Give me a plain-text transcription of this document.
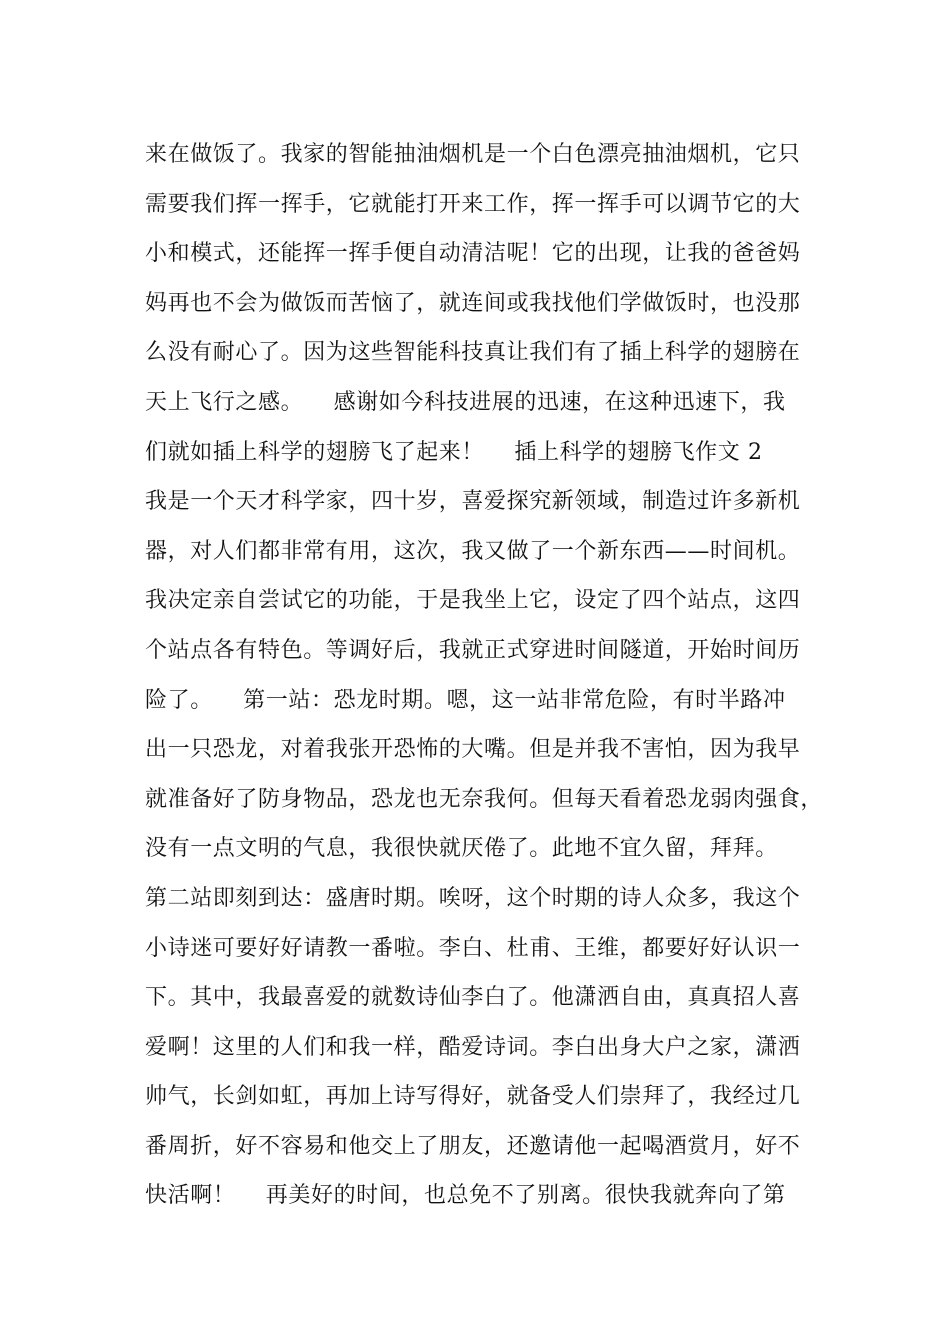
来在做饭了。我家的智能抽油烟机是一个白色漂亮抽油烟机，它只
需要我们挥一挥手，它就能打开来工作，挥一挥手可以调节它的大
小和模式，还能挥一挥手便自动清洁呢！它的出现，让我的爸爸妈
妈再也不会为做饭而苦恼了，就连间或我找他们学做饭时，也没那
么没有耐心了。因为这些智能科技真让我们有了插上科学的翅膀在
天上飞行之感。    感谢如今科技进展的迅速，在这种迅速下，我
们就如插上科学的翅膀飞了起来！    插上科学的翅膀飞作文 2
我是一个天才科学家，四十岁，喜爱探究新领域，制造过许多新机
器，对人们都非常有用，这次，我又做了一个新东西——时间机。
我决定亲自尝试它的功能，于是我坐上它，设定了四个站点，这四
个站点各有特色。等调好后，我就正式穿进时间隧道，开始时间历
险了。    第一站：恐龙时期。嗯，这一站非常危险，有时半路冲
出一只恐龙，对着我张开恐怖的大嘴。但是并我不害怕，因为我早
就准备好了防身物品，恐龙也无奈我何。但每天看着恐龙弱肉强食，
没有一点文明的气息，我很快就厌倦了。此地不宜久留，拜拜。
第二站即刻到达：盛唐时期。唉呀，这个时期的诗人众多，我这个
小诗迷可要好好请教一番啦。李白、杜甫、王维，都要好好认识一
下。其中，我最喜爱的就数诗仙李白了。他潇洒自由，真真招人喜
爱啊！这里的人们和我一样，酷爱诗词。李白出身大户之家，潇洒
帅气，长剑如虹，再加上诗写得好，就备受人们崇拜了，我经过几
番周折，好不容易和他交上了朋友，还邀请他一起喝酒赏月，好不
快活啊！    再美好的时间，也总免不了别离。很快我就奔向了第
